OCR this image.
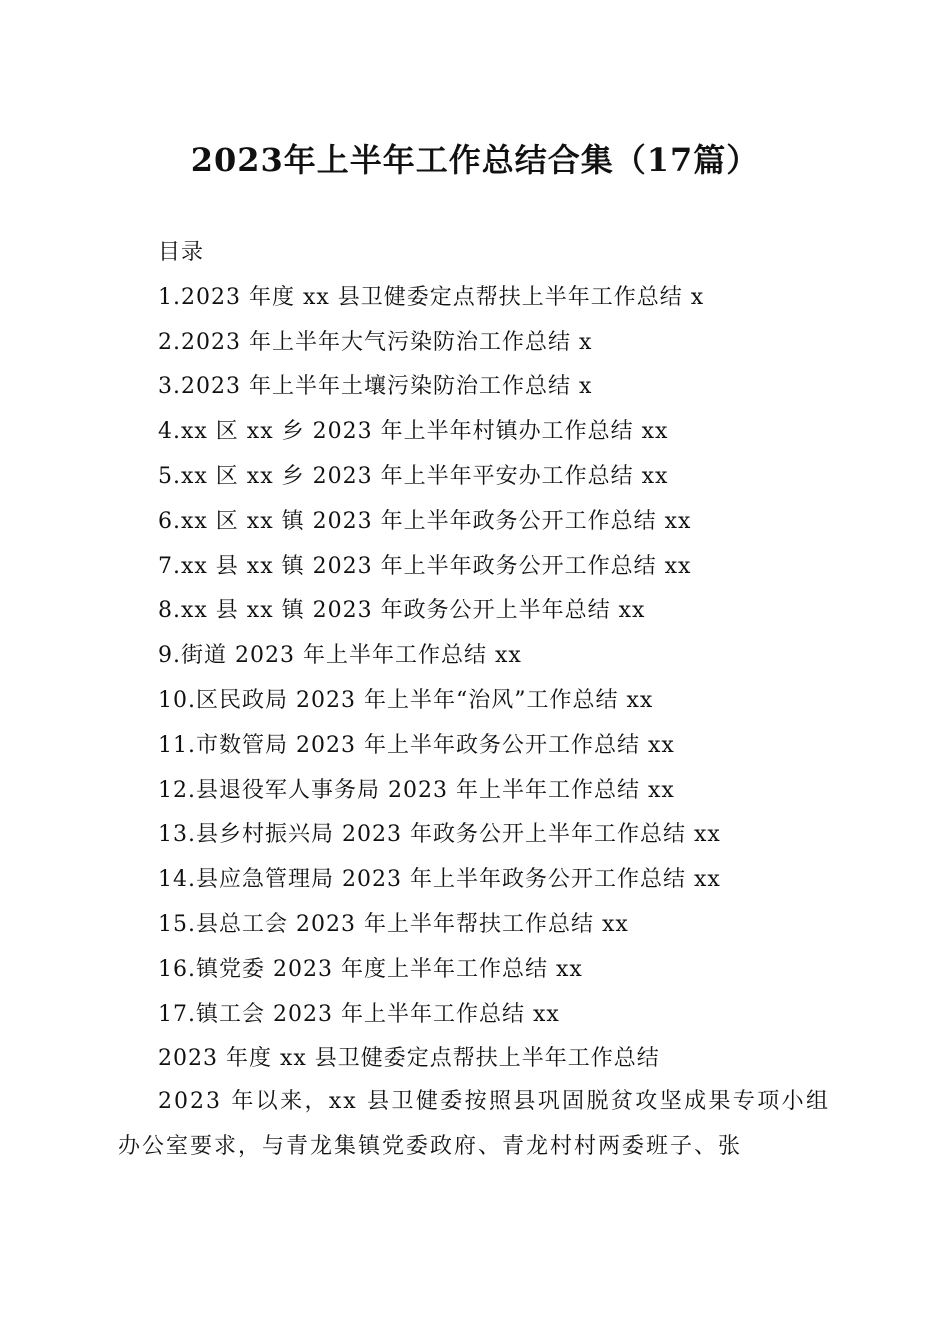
2023年上半年工作总结合集（17篇）
目录
1.2023 年度 xx 县卫健委定点帮扶上半年工作总结 x
2.2023 年上半年大气污染防治工作总结 x
3.2023 年上半年土壤污染防治工作总结 x
4.xx 区 xx 乡 2023 年上半年村镇办工作总结 xx
5.xx 区 xx 乡 2023 年上半年平安办工作总结 xx
6.xx 区 xx 镇 2023 年上半年政务公开工作总结 xx
7.xx 县 xx 镇 2023 年上半年政务公开工作总结 xx
8.xx 县 xx 镇 2023 年政务公开上半年总结 xx
9.街道 2023 年上半年工作总结 xx
10.区民政局 2023 年上半年“治风”工作总结 xx
11.市数管局 2023 年上半年政务公开工作总结 xx
12.县退役军人事务局 2023 年上半年工作总结 xx
13.县乡村振兴局 2023 年政务公开上半年工作总结 xx
14.县应急管理局 2023 年上半年政务公开工作总结 xx
15.县总工会 2023 年上半年帮扶工作总结 xx
16.镇党委 2023 年度上半年工作总结 xx
17.镇工会 2023 年上半年工作总结 xx
2023 年度 xx 县卫健委定点帮扶上半年工作总结
2023 年以来，xx 县卫健委按照县巩固脱贫攻坚成果专项小组办公室要求，与青龙集镇党委政府、青龙村村两委班子、张
